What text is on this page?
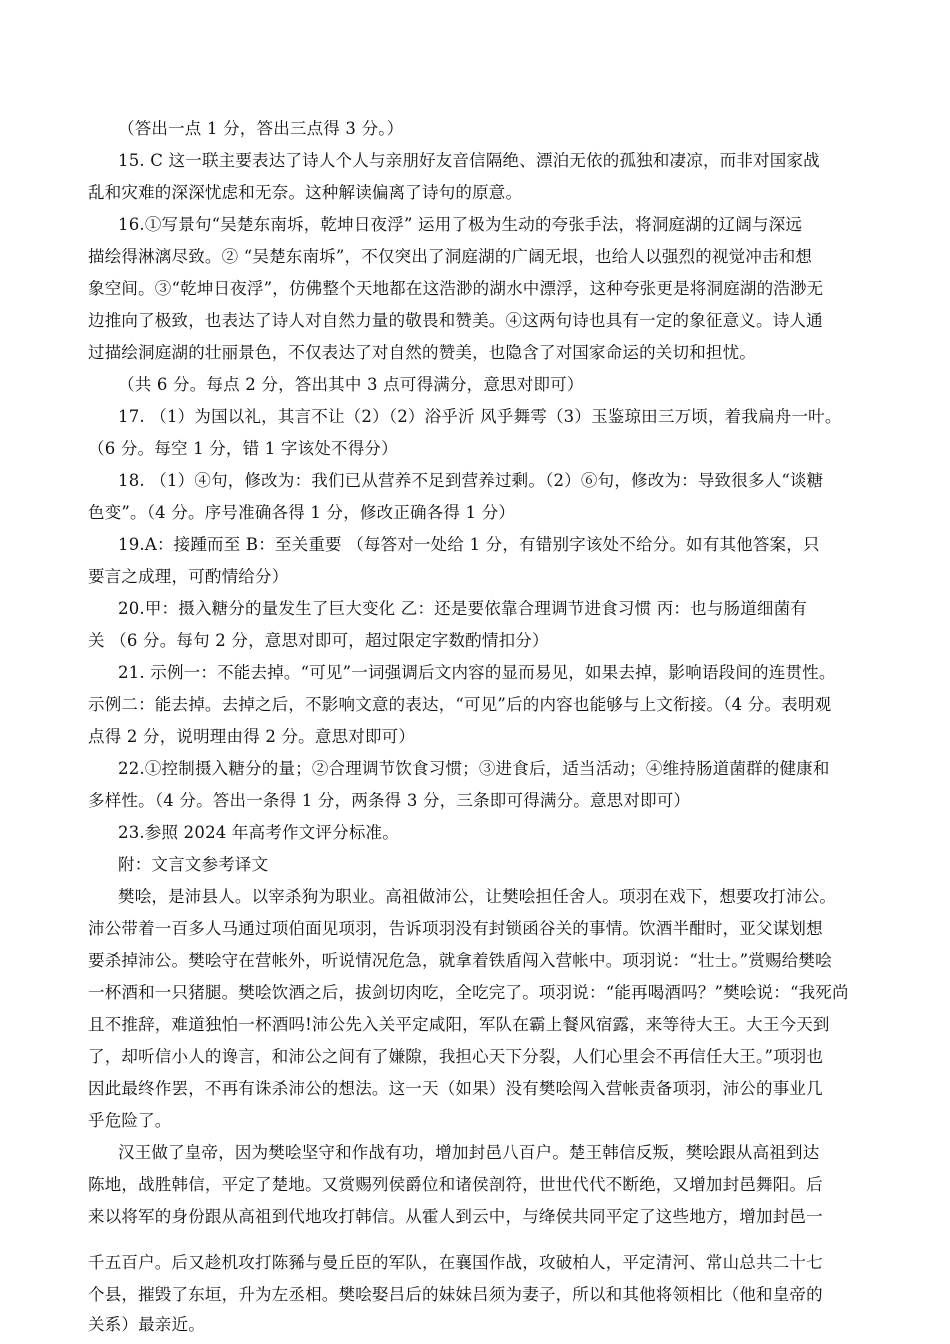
（答出一点 1 分，答出三点得 3 分。）
15. C 这一联主要表达了诗人个人与亲朋好友音信隔绝、漂泊无依的孤独和凄凉，而非对国家战
乱和灾难的深深忧虑和无奈。这种解读偏离了诗句的原意。
16.①写景句“吴楚东南坼，乾坤日夜浮” 运用了极为生动的夸张手法，将洞庭湖的辽阔与深远
描绘得淋漓尽致。② “吴楚东南坼”，不仅突出了洞庭湖的广阔无垠，也给人以强烈的视觉冲击和想
象空间。③“乾坤日夜浮”，仿佛整个天地都在这浩渺的湖水中漂浮，这种夸张更是将洞庭湖的浩渺无
边推向了极致，也表达了诗人对自然力量的敬畏和赞美。④这两句诗也具有一定的象征意义。诗人通
过描绘洞庭湖的壮丽景色，不仅表达了对自然的赞美，也隐含了对国家命运的关切和担忧。
（共 6 分。每点 2 分，答出其中 3 点可得满分，意思对即可）
17. （1）为国以礼，其言不让（2）（2）浴乎沂 风乎舞雩（3）玉鉴琼田三万顷，着我扁舟一叶。
（6 分。每空 1 分，错 1 字该处不得分）
18. （1）④句，修改为：我们已从营养不足到营养过剩。（2）⑥句，修改为：导致很多人“谈糖
色变”。（4 分。序号准确各得 1 分，修改正确各得 1 分）
19.A：接踵而至 B：至关重要 （每答对一处给 1 分，有错别字该处不给分。如有其他答案，只
要言之成理，可酌情给分）
20.甲：摄入糖分的量发生了巨大变化 乙：还是要依靠合理调节进食习惯 丙：也与肠道细菌有
关 （6 分。每句 2 分，意思对即可，超过限定字数酌情扣分）
21. 示例一：不能去掉。“可见”一词强调后文内容的显而易见，如果去掉，影响语段间的连贯性。
示例二：能去掉。去掉之后，不影响文意的表达，“可见”后的内容也能够与上文衔接。（4 分。表明观
点得 2 分，说明理由得 2 分。意思对即可）
22.①控制摄入糖分的量；②合理调节饮食习惯；③进食后，适当活动；④维持肠道菌群的健康和
多样性。（4 分。答出一条得 1 分，两条得 3 分，三条即可得满分。意思对即可）
23.参照 2024 年高考作文评分标准。
附：文言文参考译文
樊哙，是沛县人。以宰杀狗为职业。高祖做沛公，让樊哙担任舍人。项羽在戏下，想要攻打沛公。
沛公带着一百多人马通过项伯面见项羽，告诉项羽没有封锁函谷关的事情。饮酒半酣时，亚父谋划想
要杀掉沛公。樊哙守在营帐外，听说情况危急，就拿着铁盾闯入营帐中。项羽说：“壮士。”赏赐给樊哙
一杯酒和一只猪腿。樊哙饮酒之后，拔剑切肉吃，全吃完了。项羽说：“能再喝酒吗？”樊哙说：“我死尚
且不推辞，难道独怕一杯酒吗!沛公先入关平定咸阳，军队在霸上餐风宿露，来等待大王。大王今天到
了，却听信小人的谗言，和沛公之间有了嫌隙，我担心天下分裂，人们心里会不再信任大王。”项羽也
因此最终作罢，不再有诛杀沛公的想法。这一天（如果）没有樊哙闯入营帐责备项羽，沛公的事业几
乎危险了。
汉王做了皇帝，因为樊哙坚守和作战有功，增加封邑八百户。楚王韩信反叛，樊哙跟从高祖到达
陈地，战胜韩信，平定了楚地。又赏赐列侯爵位和诸侯剖符，世世代代不断绝，又增加封邑舞阳。后
来以将军的身份跟从高祖到代地攻打韩信。从霍人到云中，与绛侯共同平定了这些地方，增加封邑一
千五百户。后又趁机攻打陈豨与曼丘臣的军队，在襄国作战，攻破柏人，平定清河、常山总共二十七
个县，摧毁了东垣，升为左丞相。樊哙娶吕后的妹妹吕须为妻子，所以和其他将领相比（他和皇帝的
关系）最亲近。
